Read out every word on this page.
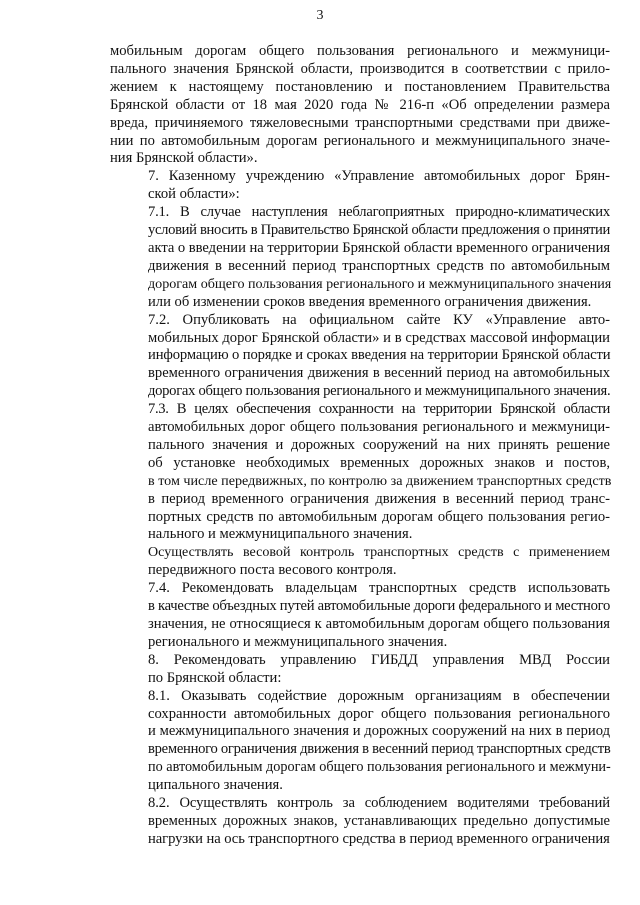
3

мобильным дорогам общего пользования регионального и межмуници-
пального значения Брянской области, производится в соответствии с прило-
жением к настоящему постановлению и постановлением Правительства
Брянской области от 18 мая 2020 года № 216-п «Об определении размера
вреда, причиняемого тяжеловесными транспортными средствами при движе-
нии по автомобильным дорогам регионального и межмуниципального значе-
ния Брянской области».

7. Казенному учреждению «Управление автомобильных дорог Брян-
ской области»:

7.1. В случае наступления неблагоприятных природно-климатических
условий вносить в Правительство Брянской области предложения о принятии
акта о введении на территории Брянской области временного ограничения
движения в весенний период транспортных средств по автомобильным
дорогам общего пользования регионального и межмуниципального значения
или об изменении сроков введения временного ограничения движения.

7.2. Опубликовать на официальном сайте КУ «Управление авто-
мобильных дорог Брянской области» и в средствах массовой информации
информацию о порядке и сроках введения на территории Брянской области
временного ограничения движения в весенний период на автомобильных
дорогах общего пользования регионального и межмуниципального значения.

7.3. В целях обеспечения сохранности на территории Брянской области
автомобильных дорог общего пользования регионального и межмуници-
пального значения и дорожных сооружений на них принять решение
об установке необходимых временных дорожных знаков и постов,
в том числе передвижных, по контролю за движением транспортных средств
в период временного ограничения движения в весенний период транс-
портных средств по автомобильным дорогам общего пользования регио-
нального и межмуниципального значения.

Осуществлять весовой контроль транспортных средств с применением
передвижного поста весового контроля.

7.4. Рекомендовать владельцам транспортных средств использовать
в качестве объездных путей автомобильные дороги федерального и местного
значения, не относящиеся к автомобильным дорогам общего пользования
регионального и межмуниципального значения.

8. Рекомендовать управлению ГИБДД управления МВД России
по Брянской области:

8.1. Оказывать содействие дорожным организациям в обеспечении
сохранности автомобильных дорог общего пользования регионального
и межмуниципального значения и дорожных сооружений на них в период
временного ограничения движения в весенний период транспортных средств
по автомобильным дорогам общего пользования регионального и межмуни-
ципального значения.

8.2. Осуществлять контроль за соблюдением водителями требований
временных дорожных знаков, устанавливающих предельно допустимые
нагрузки на ось транспортного средства в период временного ограничения
